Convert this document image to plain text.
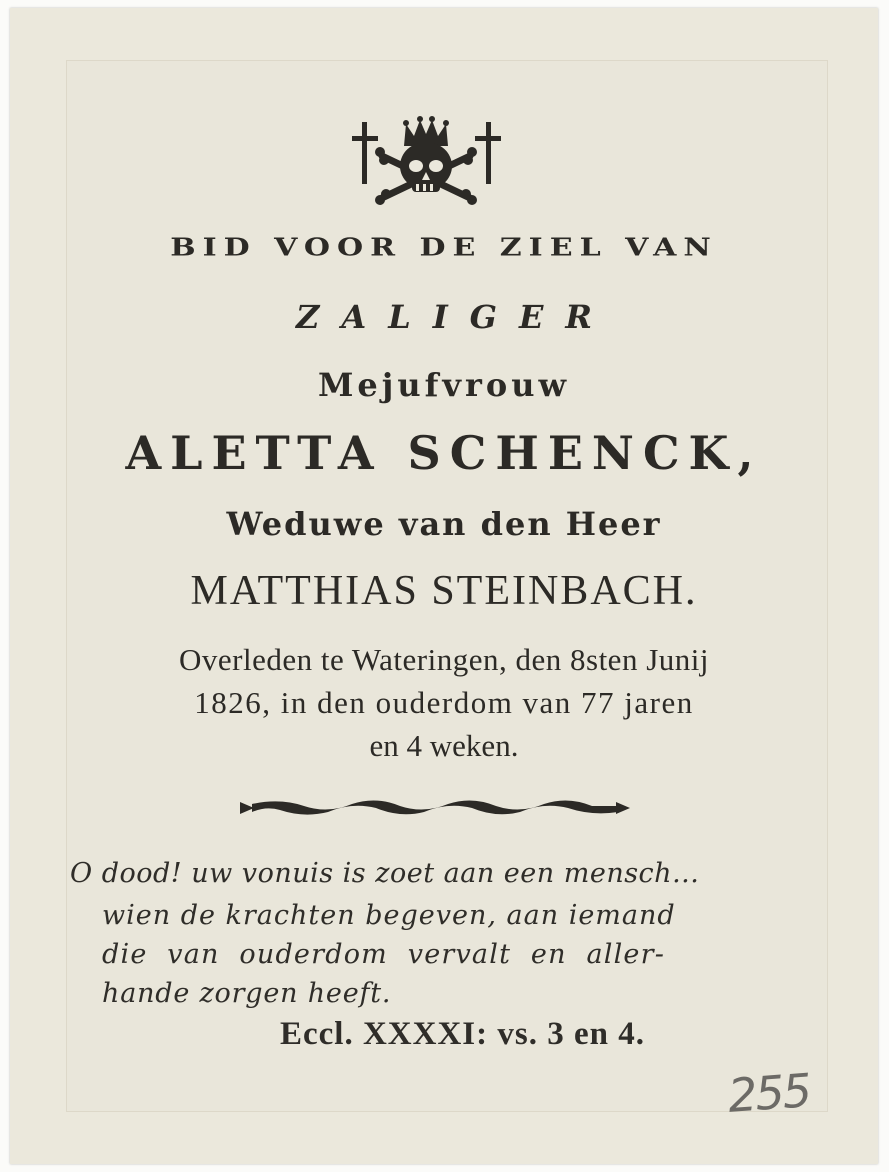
BID VOOR DE ZIEL VAN
ZALIGER
Mejufvrouw
ALETTA SCHENCK,
Weduwe van den Heer
MATTHIAS STEINBACH.
Overleden te Wateringen, den 8sten Junij
1826, in den ouderdom van 77 jaren
en 4 weken.
O dood! uw vonuis is zoet aan een mensch...
wien de krachten begeven, aan iemand
die van ouderdom vervalt en aller-
hande zorgen heeft.
Eccl. XXXXI: vs. 3 en 4.
255
